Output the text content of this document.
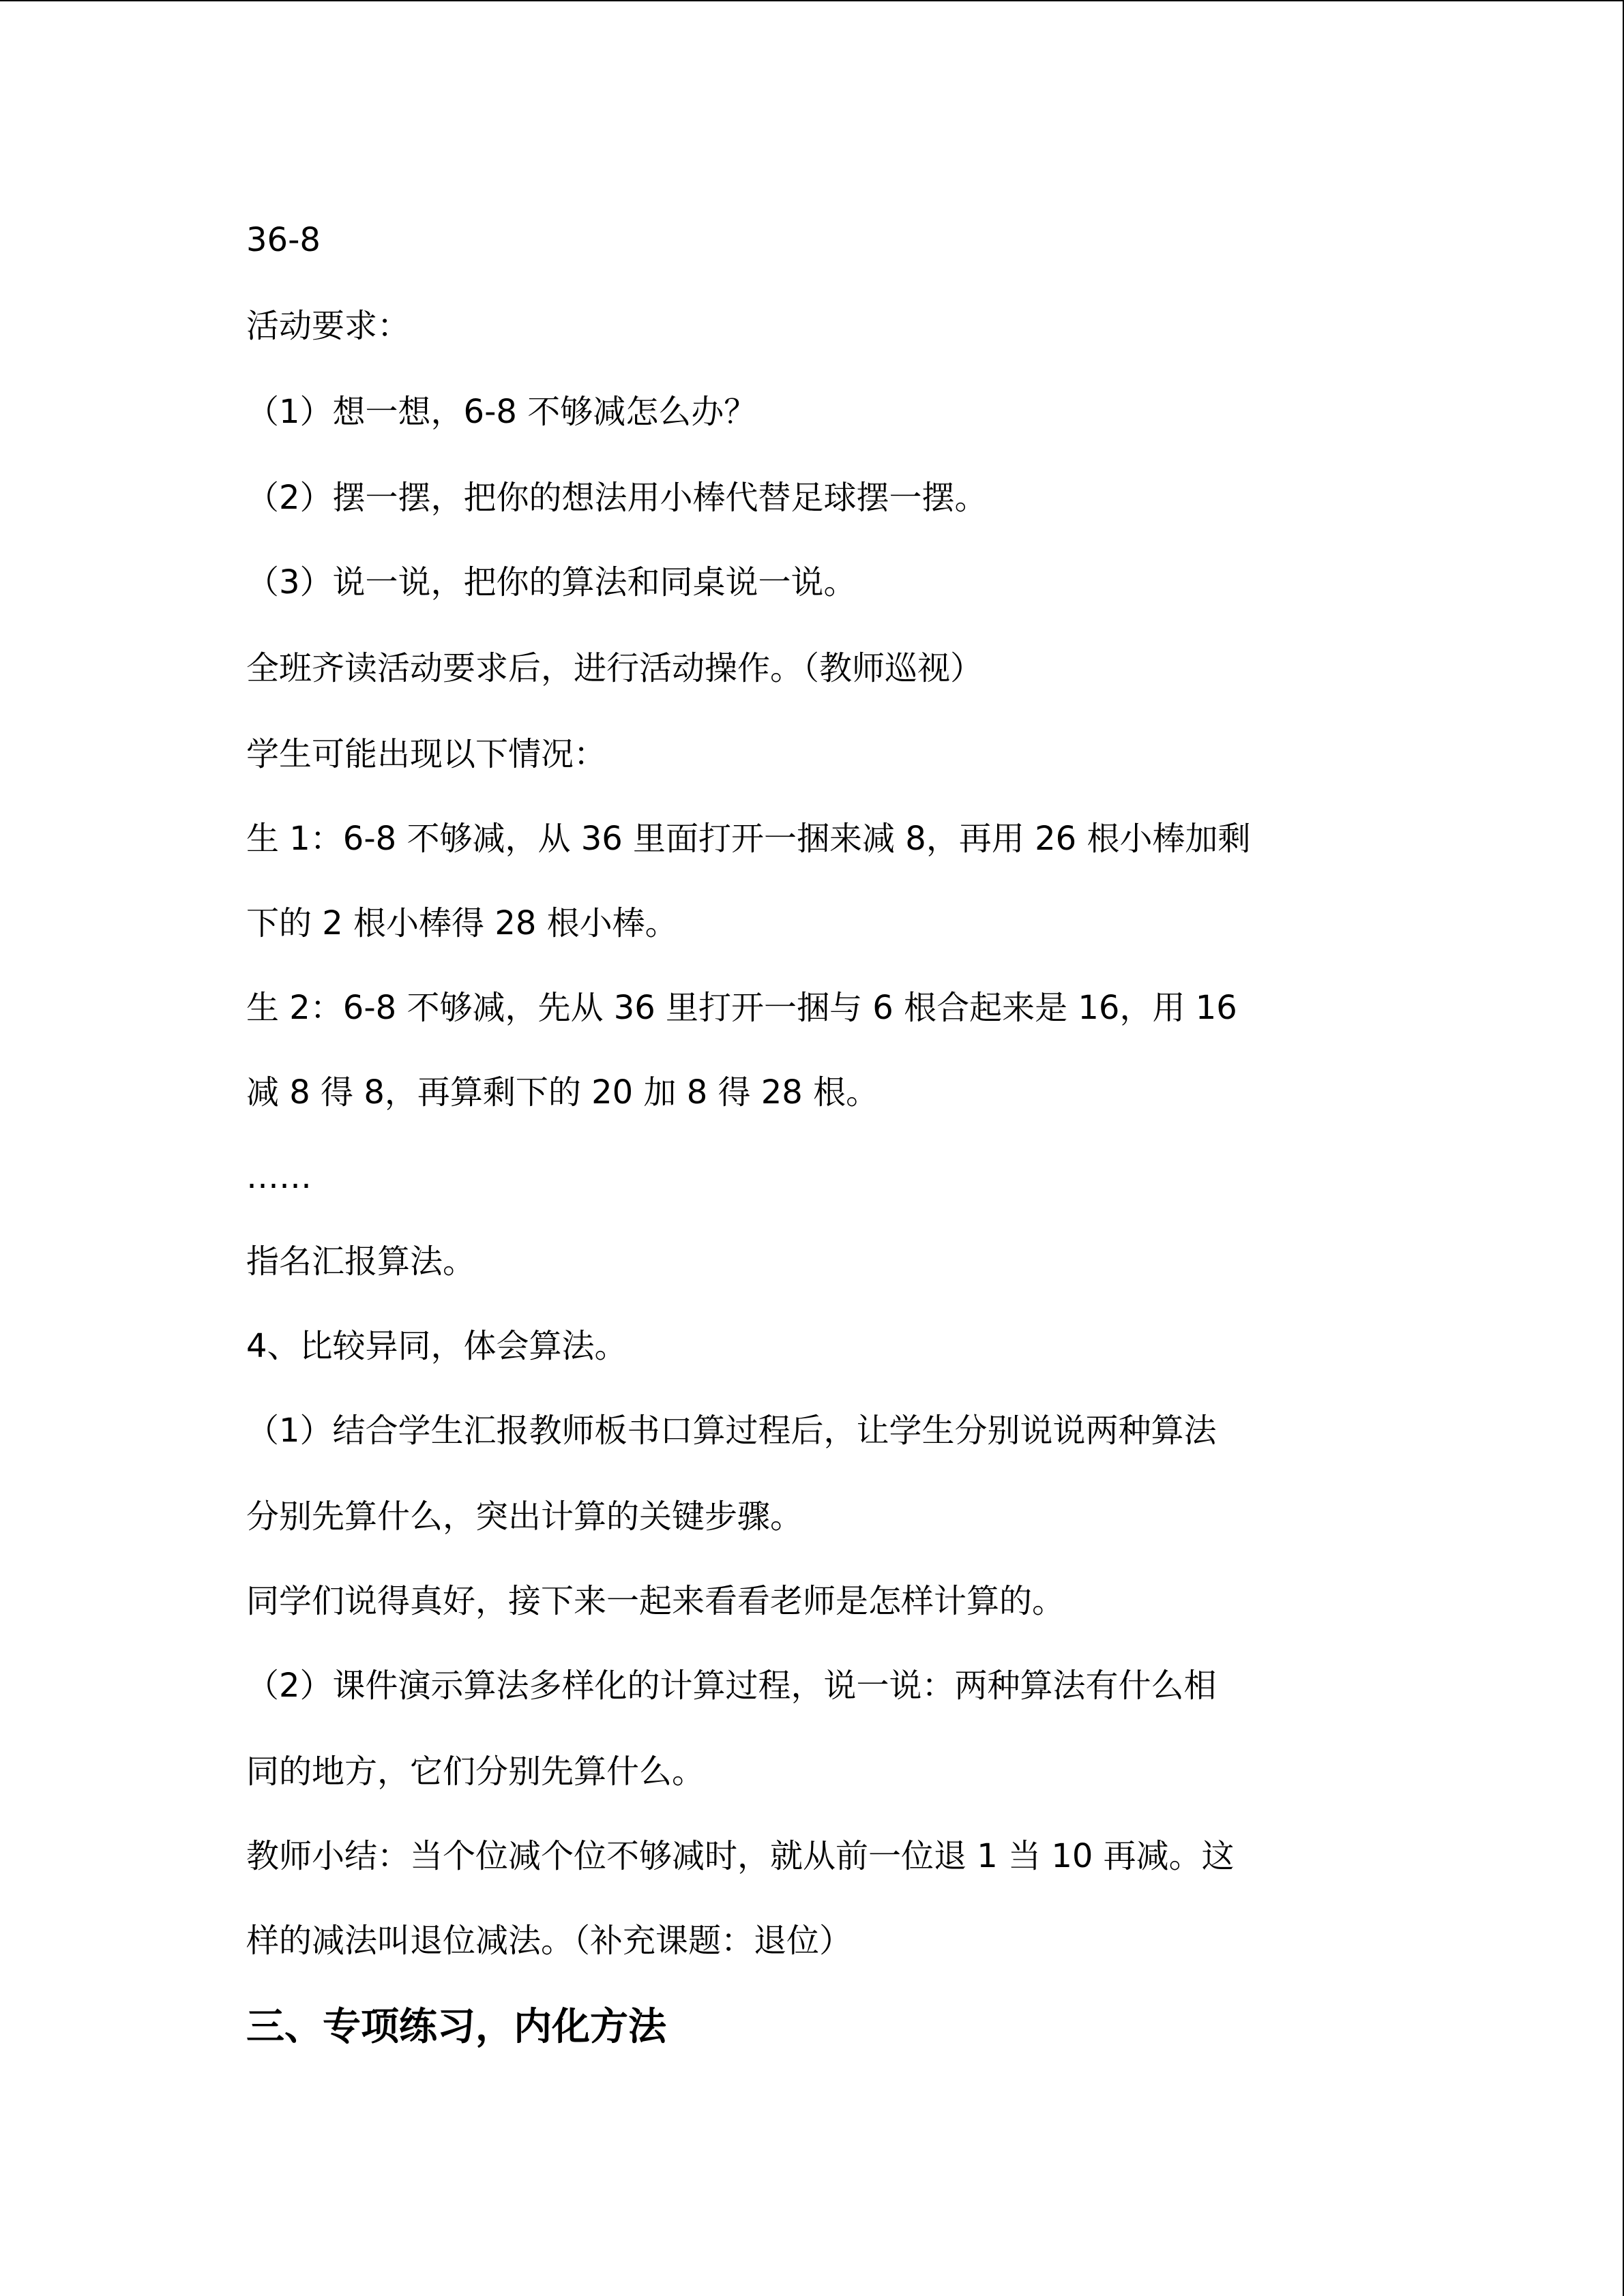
36-8
活动要求：
（1）想一想，6-8 不够减怎么办？
（2）摆一摆，把你的想法用小棒代替足球摆一摆。
（3）说一说，把你的算法和同桌说一说。
全班齐读活动要求后，进行活动操作。（教师巡视）
学生可能出现以下情况：
生 1：6-8 不够减，从 36 里面打开一捆来减 8，再用 26 根小棒加剩
下的 2 根小棒得 28 根小棒。
生 2：6-8 不够减，先从 36 里打开一捆与 6 根合起来是 16，用 16
减 8 得 8，再算剩下的 20 加 8 得 28 根。
……
指名汇报算法。
4、比较异同，体会算法。
（1）结合学生汇报教师板书口算过程后，让学生分别说说两种算法
分别先算什么，突出计算的关键步骤。
同学们说得真好，接下来一起来看看老师是怎样计算的。
（2）课件演示算法多样化的计算过程，说一说：两种算法有什么相
同的地方，它们分别先算什么。
教师小结：当个位减个位不够减时，就从前一位退 1 当 10 再减。这
样的减法叫退位减法。（补充课题：退位）
三、专项练习，内化方法
